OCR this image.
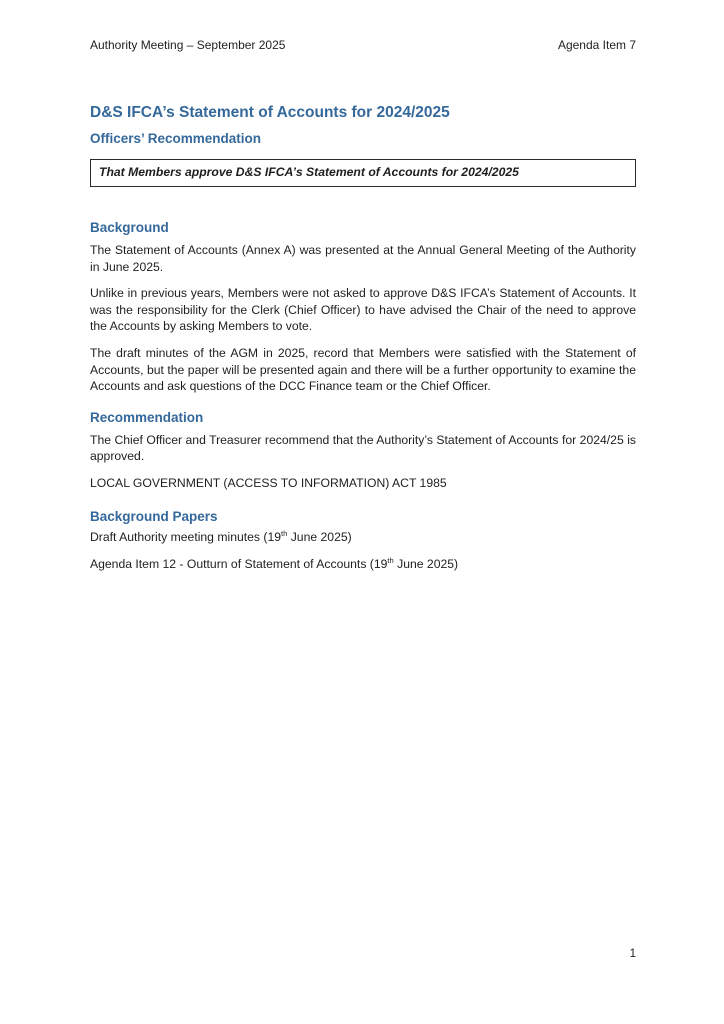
Authority Meeting – September 2025	Agenda Item 7
D&S IFCA’s Statement of Accounts for 2024/2025
Officers’ Recommendation
That Members approve D&S IFCA’s Statement of Accounts for 2024/2025
Background

The Statement of Accounts (Annex A) was presented at the Annual General Meeting of the Authority in June 2025.

Unlike in previous years, Members were not asked to approve D&S IFCA’s Statement of Accounts. It was the responsibility for the Clerk (Chief Officer) to have advised the Chair of the need to approve the Accounts by asking Members to vote.

The draft minutes of the AGM in 2025, record that Members were satisfied with the Statement of Accounts, but the paper will be presented again and there will be a further opportunity to examine the Accounts and ask questions of the DCC Finance team or the Chief Officer.

Recommendation

The Chief Officer and Treasurer recommend that the Authority’s Statement of Accounts for 2024/25 is approved.

LOCAL GOVERNMENT (ACCESS TO INFORMATION) ACT 1985

Background Papers

Draft Authority meeting minutes (19th June 2025)

Agenda Item 12 - Outturn of Statement of Accounts (19th June 2025)

1
